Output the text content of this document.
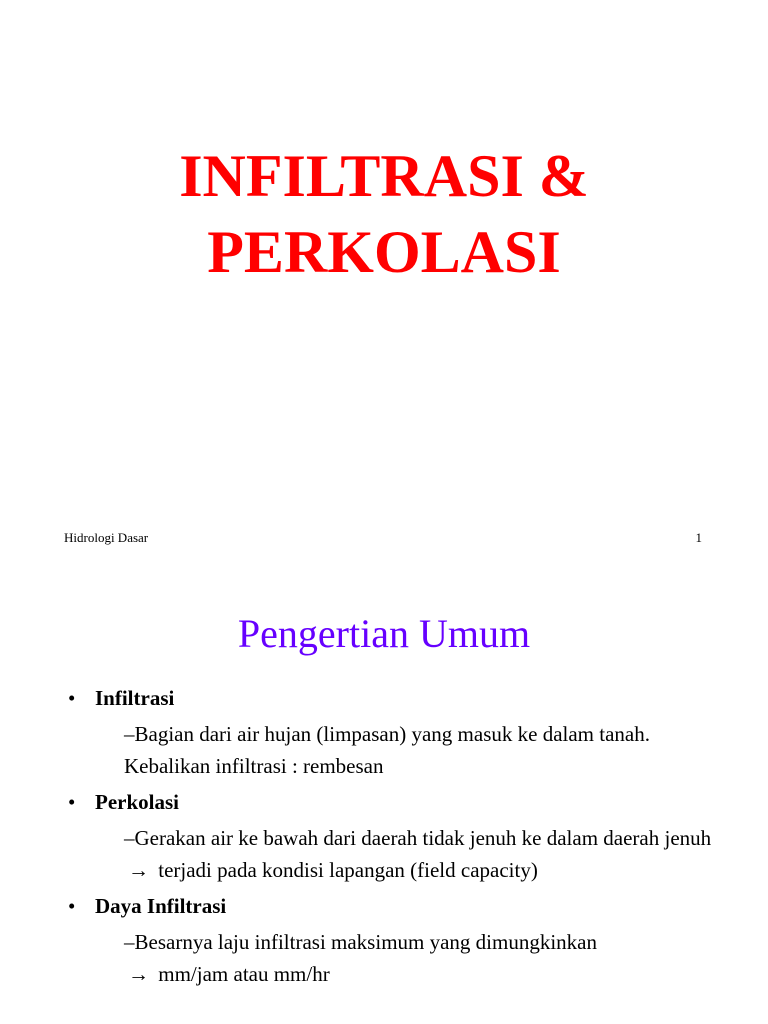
INFILTRASI &
PERKOLASI
Hidrologi Dasar	1
Pengertian Umum
• Infiltrasi
–Bagian dari air hujan (limpasan) yang masuk ke dalam tanah. Kebalikan infiltrasi : rembesan
• Perkolasi
–Gerakan air ke bawah dari daerah tidak jenuh ke dalam daerah jenuh → terjadi pada kondisi lapangan (field capacity)
• Daya Infiltrasi
–Besarnya laju infiltrasi maksimum yang dimungkinkan
→ mm/jam atau mm/hr
